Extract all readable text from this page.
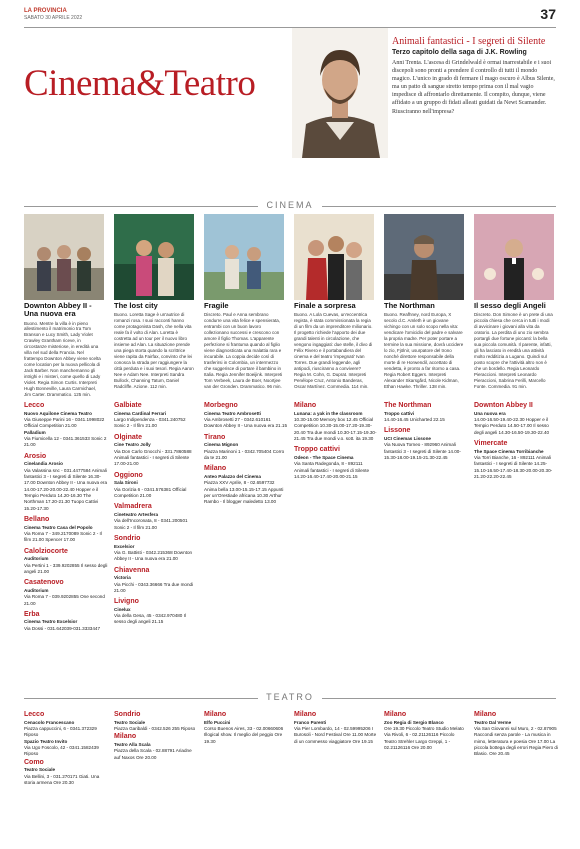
LA PROVINCIA
SABATO 30 APRILE 2022	37
Cinema&Teatro
Animali fantastici - I segreti di Silente
Terzo capitolo della saga di J.K. Rowling
Anni Trenta. L'ascesa di Grindelwald è ormai inarrestabile e i suoi discepoli sono pronti a prendere il controllo di tutti il mondo magico. L'unico in grado di fermare il mago oscuro è Albus Silente, ma un patto di sangue stretto tempo prima con il mal vagio impedisce di affrontarlo direttamente. Il compito, dunque, viene affidato a un gruppo di fidati alleati guidati da Newt Scamander. Riusciranno nell'impresa?
CINEMA
Downton Abbey II - Una nuova era
Buono. Mentre la villa è in pieno allestimento il matrimonio tra Tom Branson e Lucy Smith, Lady Violet Crawley Grantham riceve, in circostanze misteriose, in eredità una villa nel sud della Francia. Nel frattempo Downton Abbey viene scelta come location per la nuova pellicola di Jack Barber. Non manchemanno gli intrighi e i misteri, come quello di Lady Violet. Regia Simon Curtis. Interpreti Hugh Bonneville, Laura Carmichael, Jim Carter. Drammatico. 125 min.
The lost city
Buono. Loretta Sage è un'autrice di romanzi rosa. I suoi racconti hanno come protagonista Dash, che nella vita reale fa il volto di Alan. Loretta è costretta ad un tour per il nuovo libro insieme ad Alan. La situazione prende una piega storta quando la scrittrice viene rapita da Fairfax, convinto che lei conosca la strada per raggiungere la città perduta e i suoi tesori. Regia Aaron Nee e Adam Nee. Interpreti Sandra Bullock, Channing Tatum, Daniel Radcliffe. Azione. 112 min.
Fragile
Discreto. Paul e Anna sembrano condurre una vita felice e spensierata, entrambi con un buon lavoro collezionano successi e crescono con amore il figlio Thomas. L'apparente perfezione si frantuma quando al figlio viene diagnosticata una malattia rara e incurabile. La coppia decide così di trasferirsi in Colombia, un intermezzo che suggerisce di portare il bambino in Italia. Regia Jennifer Boeijink. Interpreti Tom Verbeek, Laura de Boer, Noortjee van der Gronden. Drammatico. 96 min.
Finale a sorpresa
Buono. A Lola Cuevas, un'eccentrica regista, è stata commissionata la regia di un film da un imprenditore milionario. Il progetto richiede l'apporto dei due grandi talenti in circolazione, che vengono ingaggiati: due stelle, il divo di Félix Rivero e il portabandiera del cinema e del teatro 'impegnati' Ivan Torres. Due grandi leggende, agli antipodi, riusciranno a convivere? Regia M. Cohn, G. Duprat. Interpreti Penélope Cruz, Antonio Banderas, Oscar Martínez. Commedia. 114 min.
The Northman
Buono. Reafhney, nord Europa, X secolo d.C. Amleth è un giovane vichingo con un solo scopo nella vita: vendicare l'omicidio del padre e salvare la propria madre. Per poter portare a termine la sua missione, dovrà uccidere lo zio, Fjölnir, usurpatore del trono nonché direttore responsabile della morte di re Horwendil, accettato di vendetta, è pronto a far ritorno a casa. Regia Robert Eggers. Interpreti Alexander Skarsgård, Nicole Kidman, Ethan Hawke. Thriller. 138 min.
Il sesso degli Angeli
Discreto. Don Simone è un prete di una piccola chiesa che cerca in tutti i modi di avvicinare i giovani alla vita da oratorio. La perdita di uno zio sembra portargli due fortune piccanti: la bella sua piccola comunità. Il parente, infatti, gli ha lasciato in eredità una attività molto redditizia a Lugano. Quindi sul posto scopre che l'attività altro non è che un bordello. Regia Leonardo Pieraccioni. Interpreti Leonardo Pieraccioni, Sabrina Ferilli, Marcello Fonte. Commedia. 91 min.
Lecco
Nuovo Aquilone Cinema Teatro
Via Giuseppe Parini 16 - 0341.1998022 Official Competition 21.00
Palladium
Via Fiumicella 12 - 0341.361533 Sonic 2 21.00
Arosio
Cinelandia Arosio
Via Valassina snc - 031.4477584 Animali fantastici 3 - I segreti di Silente 16.30-17.00 Downton Abbey II - Una nuova era 14.00-17.20-20.00-22.40 Hopper e il Tempio Perduto 14.20-16.30 The Northman 17.20-21.30 Tuopo Cattivi 15.20-17.30
Bellano
Cinema Teatro Casa del Popolo
Via Roma 7 - 349.2170089 Sonic 2 - Il film 21.00 Spencer 17.00
Calolziocorte
Auditorium
Via Pertini 1 - 339.9202855 Il sesso degli angeli 21.00
Casatenovo
Auditorium
Via Roma 7 - 039.9202855 One second 21.00
Erba
Cinema Teatro Excelsior
Via Dossi - 031.642039-031.3333447
Galbiate
Cinema Cardinal Ferrari
Largo Indipendenza - 0341.240752 Sonic 2 - Il film 21.00
Olginate
Cine Teatro Jolly
Via Don Carlo Gnocchi - 331.7860588 Animali fantastici - I segreti di Silente 17.00-21.00
Oggiono
Sala Sironi
Via Gorizia 6 - 0341.576381 Official Competition 21.00
Valmadrera
Cineteatro Artesfera
Via dell'Incoronata, 8 - 0341.200501 Sonic 2 - Il film 21.00
Sondrio
Excelsior
Via G. Battisti - 0342.215368 Downton Abbey II - Una nuova era 21.00
Chiavenna
Victoria
Via Picchi - 0343.36666 Tra due mondi 21.00
Livigno
Cinelux
Via della Gesa, 45 - 0342.970480 Il sesso degli angeli 21.15
Morbegno
Cinema Teatro Ambrosetti
Via Ambrosetti 27 - 0342.610161 Downton Abbey II - Una nuova era 21.15
Tirano
Cinema Mignon
Piazza Marinoni 1 - 0342.705404 Corro da te 21.00
Milano
Anteo Palazzo del Cinema
Piazza XXV Aprile, 8 - 02.6597732 Anima bella 13.00-15.15-17.15 Appunti per un'Orestiade africana 10.30 Arthur Rambo - Il blogger maledetto 13.00
Milano
Lunana: a yak in the classroom
10.30-15.00 Memory box 12.45 Official Competition 10.30-15.00-17.20-19.30-20.40 Tra due mondi 10.30-17.15-19.30-21.45 Tra due mondi v.o. sott. ita 19.30
Troppo cattivi
Odeon - The Space Cinema
Via Santa Radegonda, 8 - 892111 Animali fantastici - I segreti di Silente 14.20-16.40-17.40-20.00-21.15
The Northman
Troppo cattivi
14.40-16.45 Unicharted 22.15
Lissone
UCI Cinemas Lissone
Via Nuova Torneo - 892960 Animali fantastici 3 - I segreti di Silente 14.00-15.30-18.00-19.15-21.30-22.45
Downton Abbey II
Una nuova era
14.00-16.50-19.40-22.30 Hopper e il Tempio Perduto 14.50-17.00 Il sesso degli angeli 14.30-16.50-19.30-22.40
Vimercate
The Space Cinema Torribianche
Via Torri Bianche, 16 - 892111 Animali fantastici - I segreti di Silente 14.25-15.10-16.50-17.40-18.30-20.00-20.30-21.20-22.20-22.45
TEATRO
Lecco
Cenacolo Francescano
Piazza cappuccini, 6 - 0341.372329 Riposo
Spazio Teatro Invito
Via Ugo Foscolo, 42 - 0341.1582439 Riposo
Como
Teatro Sociale
Via Bellini, 3 - 031.270171 Giati. Una storia armena Ore 20.30
Sondrio
Teatro Sociale
Piazza Garibaldi - 0342.526 255 Riposo
Milano
Teatro Alla Scala
Piazza della Scala - 02.88791 Ariadne auf Naxos Ore 20.00
Milano
Elfo Puccini
Corso Buenos Aires, 33 - 02.00660606 Illogical show. Il meglio del peggio Ore 19.30
Milano
Franco Parenti
Via Pier Lombardo, 14 - 02.59995206 I Burosoli - Nord Festival Ore 11.00 Morte di un commesso viaggiatore Ore 19.15
Milano
Zoo Regia di Sergio Blanco
Ore 19.30 Piccolo Teatro Studio Melato Via Rivoli, 6 - 02.21126116 Piccolo Teatro Strehler Largo Greppi, 1 - 02.21126116 Ore 20.00
Milano
Teatro Dal Verme
Via San Giovanni sul Muro, 2 - 02.87905 Raccondi senza parole - La musica in mimo, letteratura e poesia Ore 17.00 La piccola bottega degli errori Regia Piero di Blasio. Ore 20.45
